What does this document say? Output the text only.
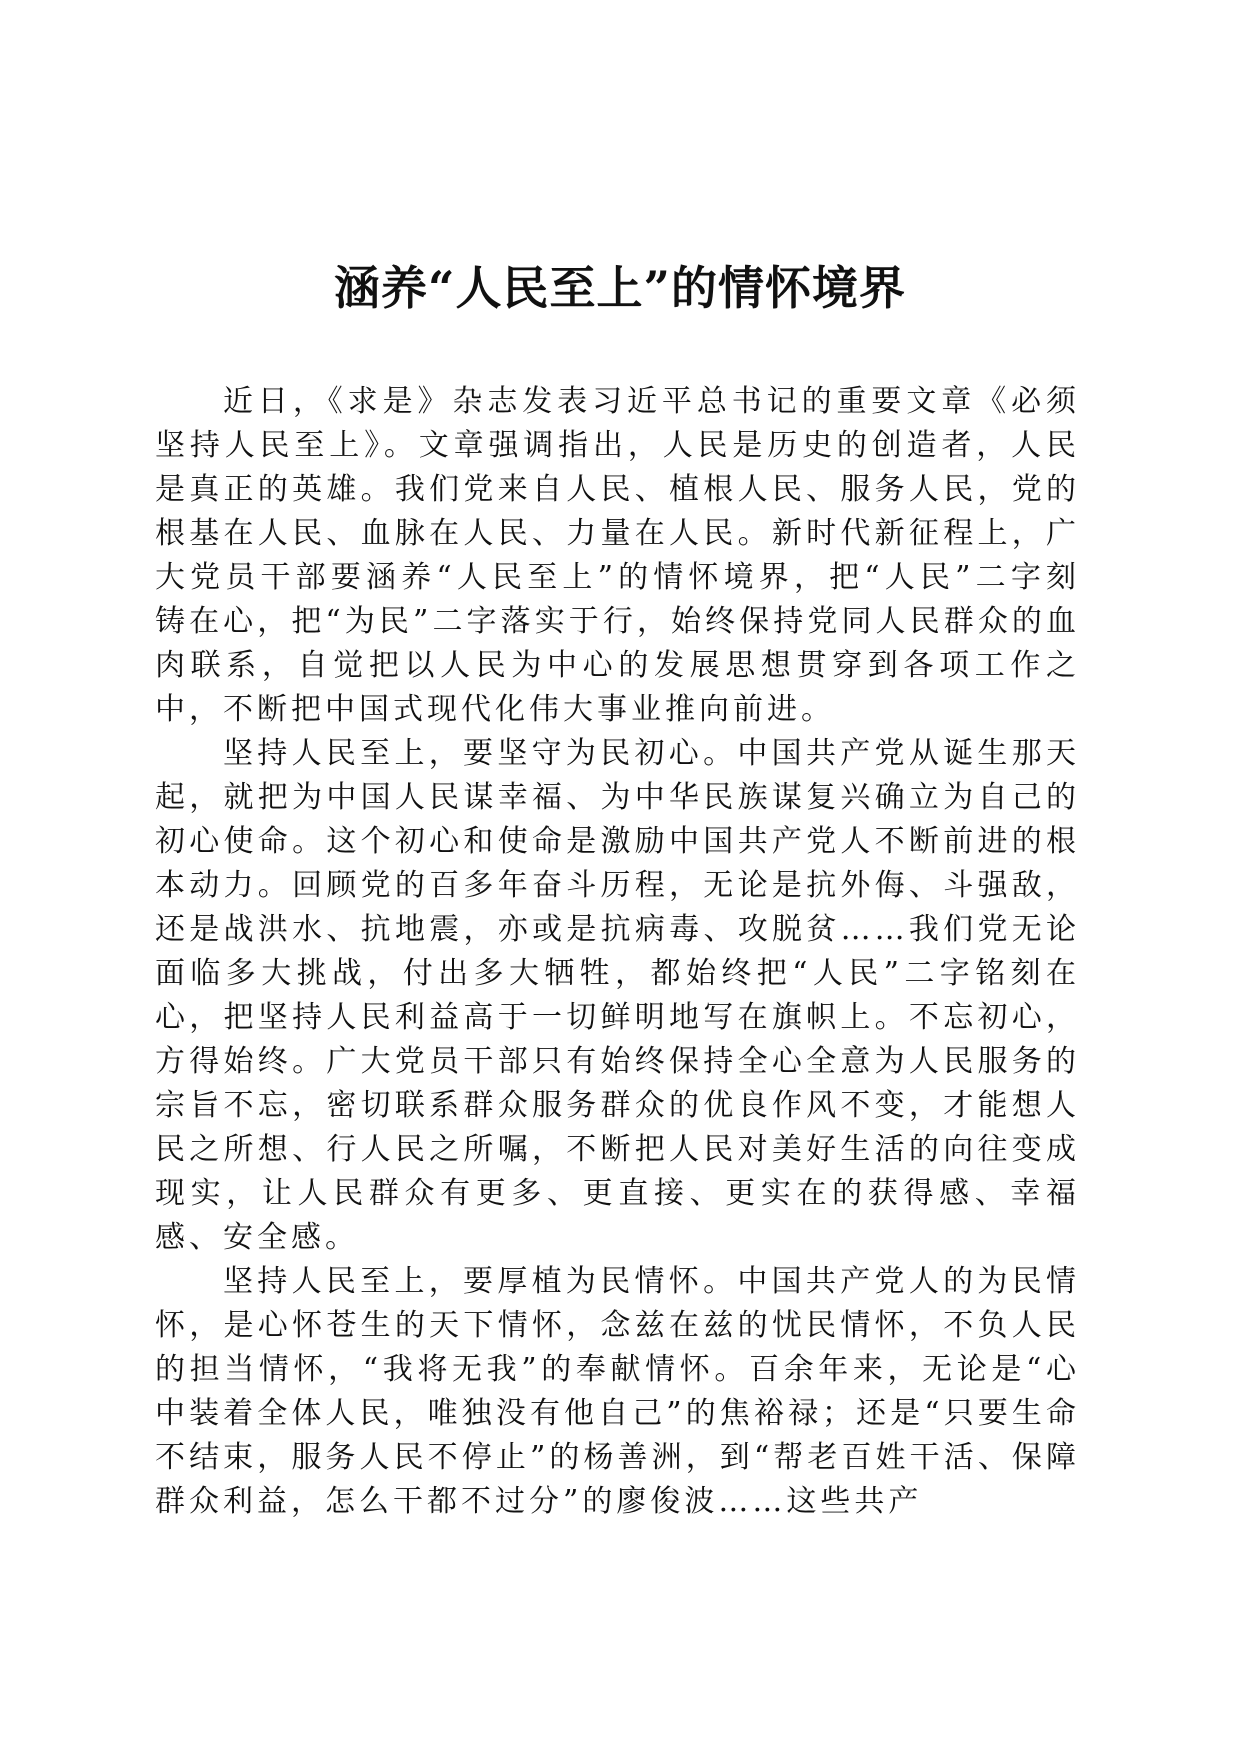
涵养“人民至上”的情怀境界

近日，《求是》杂志发表习近平总书记的重要文章《必须坚持人民至上》。文章强调指出，人民是历史的创造者，人民是真正的英雄。我们党来自人民、植根人民、服务人民，党的根基在人民、血脉在人民、力量在人民。新时代新征程上，广大党员干部要涵养“人民至上”的情怀境界，把“人民”二字刻铸在心，把“为民”二字落实于行，始终保持党同人民群众的血肉联系，自觉把以人民为中心的发展思想贯穿到各项工作之中，不断把中国式现代化伟大事业推向前进。

坚持人民至上，要坚守为民初心。中国共产党从诞生那天起，就把为中国人民谋幸福、为中华民族谋复兴确立为自己的初心使命。这个初心和使命是激励中国共产党人不断前进的根本动力。回顾党的百多年奋斗历程，无论是抗外侮、斗强敌，还是战洪水、抗地震，亦或是抗病毒、攻脱贫……我们党无论面临多大挑战，付出多大牺牲，都始终把“人民”二字铭刻在心，把坚持人民利益高于一切鲜明地写在旗帜上。不忘初心，方得始终。广大党员干部只有始终保持全心全意为人民服务的宗旨不忘，密切联系群众服务群众的优良作风不变，才能想人民之所想、行人民之所嘱，不断把人民对美好生活的向往变成现实，让人民群众有更多、更直接、更实在的获得感、幸福感、安全感。

坚持人民至上，要厚植为民情怀。中国共产党人的为民情怀，是心怀苍生的天下情怀，念兹在兹的忧民情怀，不负人民的担当情怀，“我将无我”的奉献情怀。百余年来，无论是“心中装着全体人民，唯独没有他自己”的焦裕禄；还是“只要生命不结束，服务人民不停止”的杨善洲，到“帮老百姓干活、保障群众利益，怎么干都不过分”的廖俊波……这些共产
